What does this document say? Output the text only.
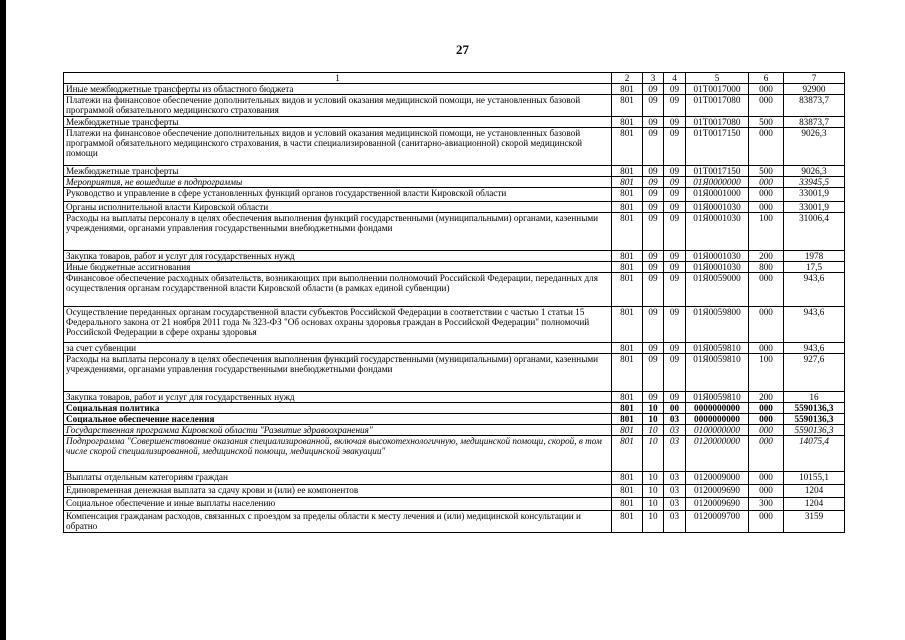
27
1	2	3	4	5	6	7
Иные межбюджетные трансферты из областного бюджета	801	09	09	01Т0017000	000	92900
Платежи на финансовое обеспечение дополнительных видов и условий оказания медицинской помощи, не установленных базовой программой обязательного медицинского страхования	801	09	09	01Т0017080	000	83873,7
Межбюджетные трансферты	801	09	09	01Т0017080	500	83873,7
Платежи на финансовое обеспечение дополнительных видов и условий оказания медицинской помощи, не установленных базовой программой обязательного медицинского страхования, в части специализированной (санитарно-авиационной) скорой медицинской помощи	801	09	09	01Т0017150	000	9026,3
Межбюджетные трансферты	801	09	09	01Т0017150	500	9026,3
Мероприятия, не вошедшие в подпрограммы	801	09	09	01Я0000000	000	33945,5
Руководство и управление в сфере установленных функций органов государственной власти Кировской области	801	09	09	01Я0001000	000	33001,9
Органы исполнительной власти Кировской области	801	09	09	01Я0001030	000	33001,9
Расходы на выплаты персоналу в целях обеспечения выполнения функций государственными (муниципальными) органами, казенными учреждениями, органами управления государственными внебюджетными фондами	801	09	09	01Я0001030	100	31006,4
Закупка товаров, работ и услуг для государственных нужд	801	09	09	01Я0001030	200	1978
Иные бюджетные ассигнования	801	09	09	01Я0001030	800	17,5
Финансовое обеспечение расходных обязательств, возникающих при выполнении полномочий Российской Федерации, переданных для осуществления органам государственной власти Кировской области (в рамках единой субвенции)	801	09	09	01Я0059000	000	943,6
Осуществление переданных органам государственной власти субъектов Российской Федерации в соответствии с частью 1 статьи 15 Федерального закона от 21 ноября 2011 года № 323-ФЗ "Об основах охраны здоровья граждан в Российской Федерации" полномочий Российской Федерации в сфере охраны здоровья	801	09	09	01Я0059800	000	943,6
за счет субвенции	801	09	09	01Я0059810	000	943,6
Расходы на выплаты персоналу в целях обеспечения выполнения функций государственными (муниципальными) органами, казенными учреждениями, органами управления государственными внебюджетными фондами	801	09	09	01Я0059810	100	927,6
Закупка товаров, работ и услуг для государственных нужд	801	09	09	01Я0059810	200	16
Социальная политика	801	10	00	0000000000	000	5590136,3
Социальное обеспечение населения	801	10	03	0000000000	000	5590136,3
Государственная программа Кировской области "Развитие здравоохранения"	801	10	03	0100000000	000	5590136,3
Подпрограмма "Совершенствование оказания специализированной, включая высокотехнологичную, медицинской помощи, скорой, в том числе скорой специализированной, медицинской помощи, медицинской эвакуации"	801	10	03	0120000000	000	14075,4
Выплаты отдельным категориям граждан	801	10	03	0120009000	000	10155,1
Единовременная денежная выплата за сдачу крови и (или) ее компонентов	801	10	03	0120009690	000	1204
Социальное обеспечение и иные выплаты населению	801	10	03	0120009690	300	1204
Компенсация гражданам расходов, связанных с проездом за пределы области к месту лечения и (или) медицинской консультации и обратно	801	10	03	0120009700	000	3159
